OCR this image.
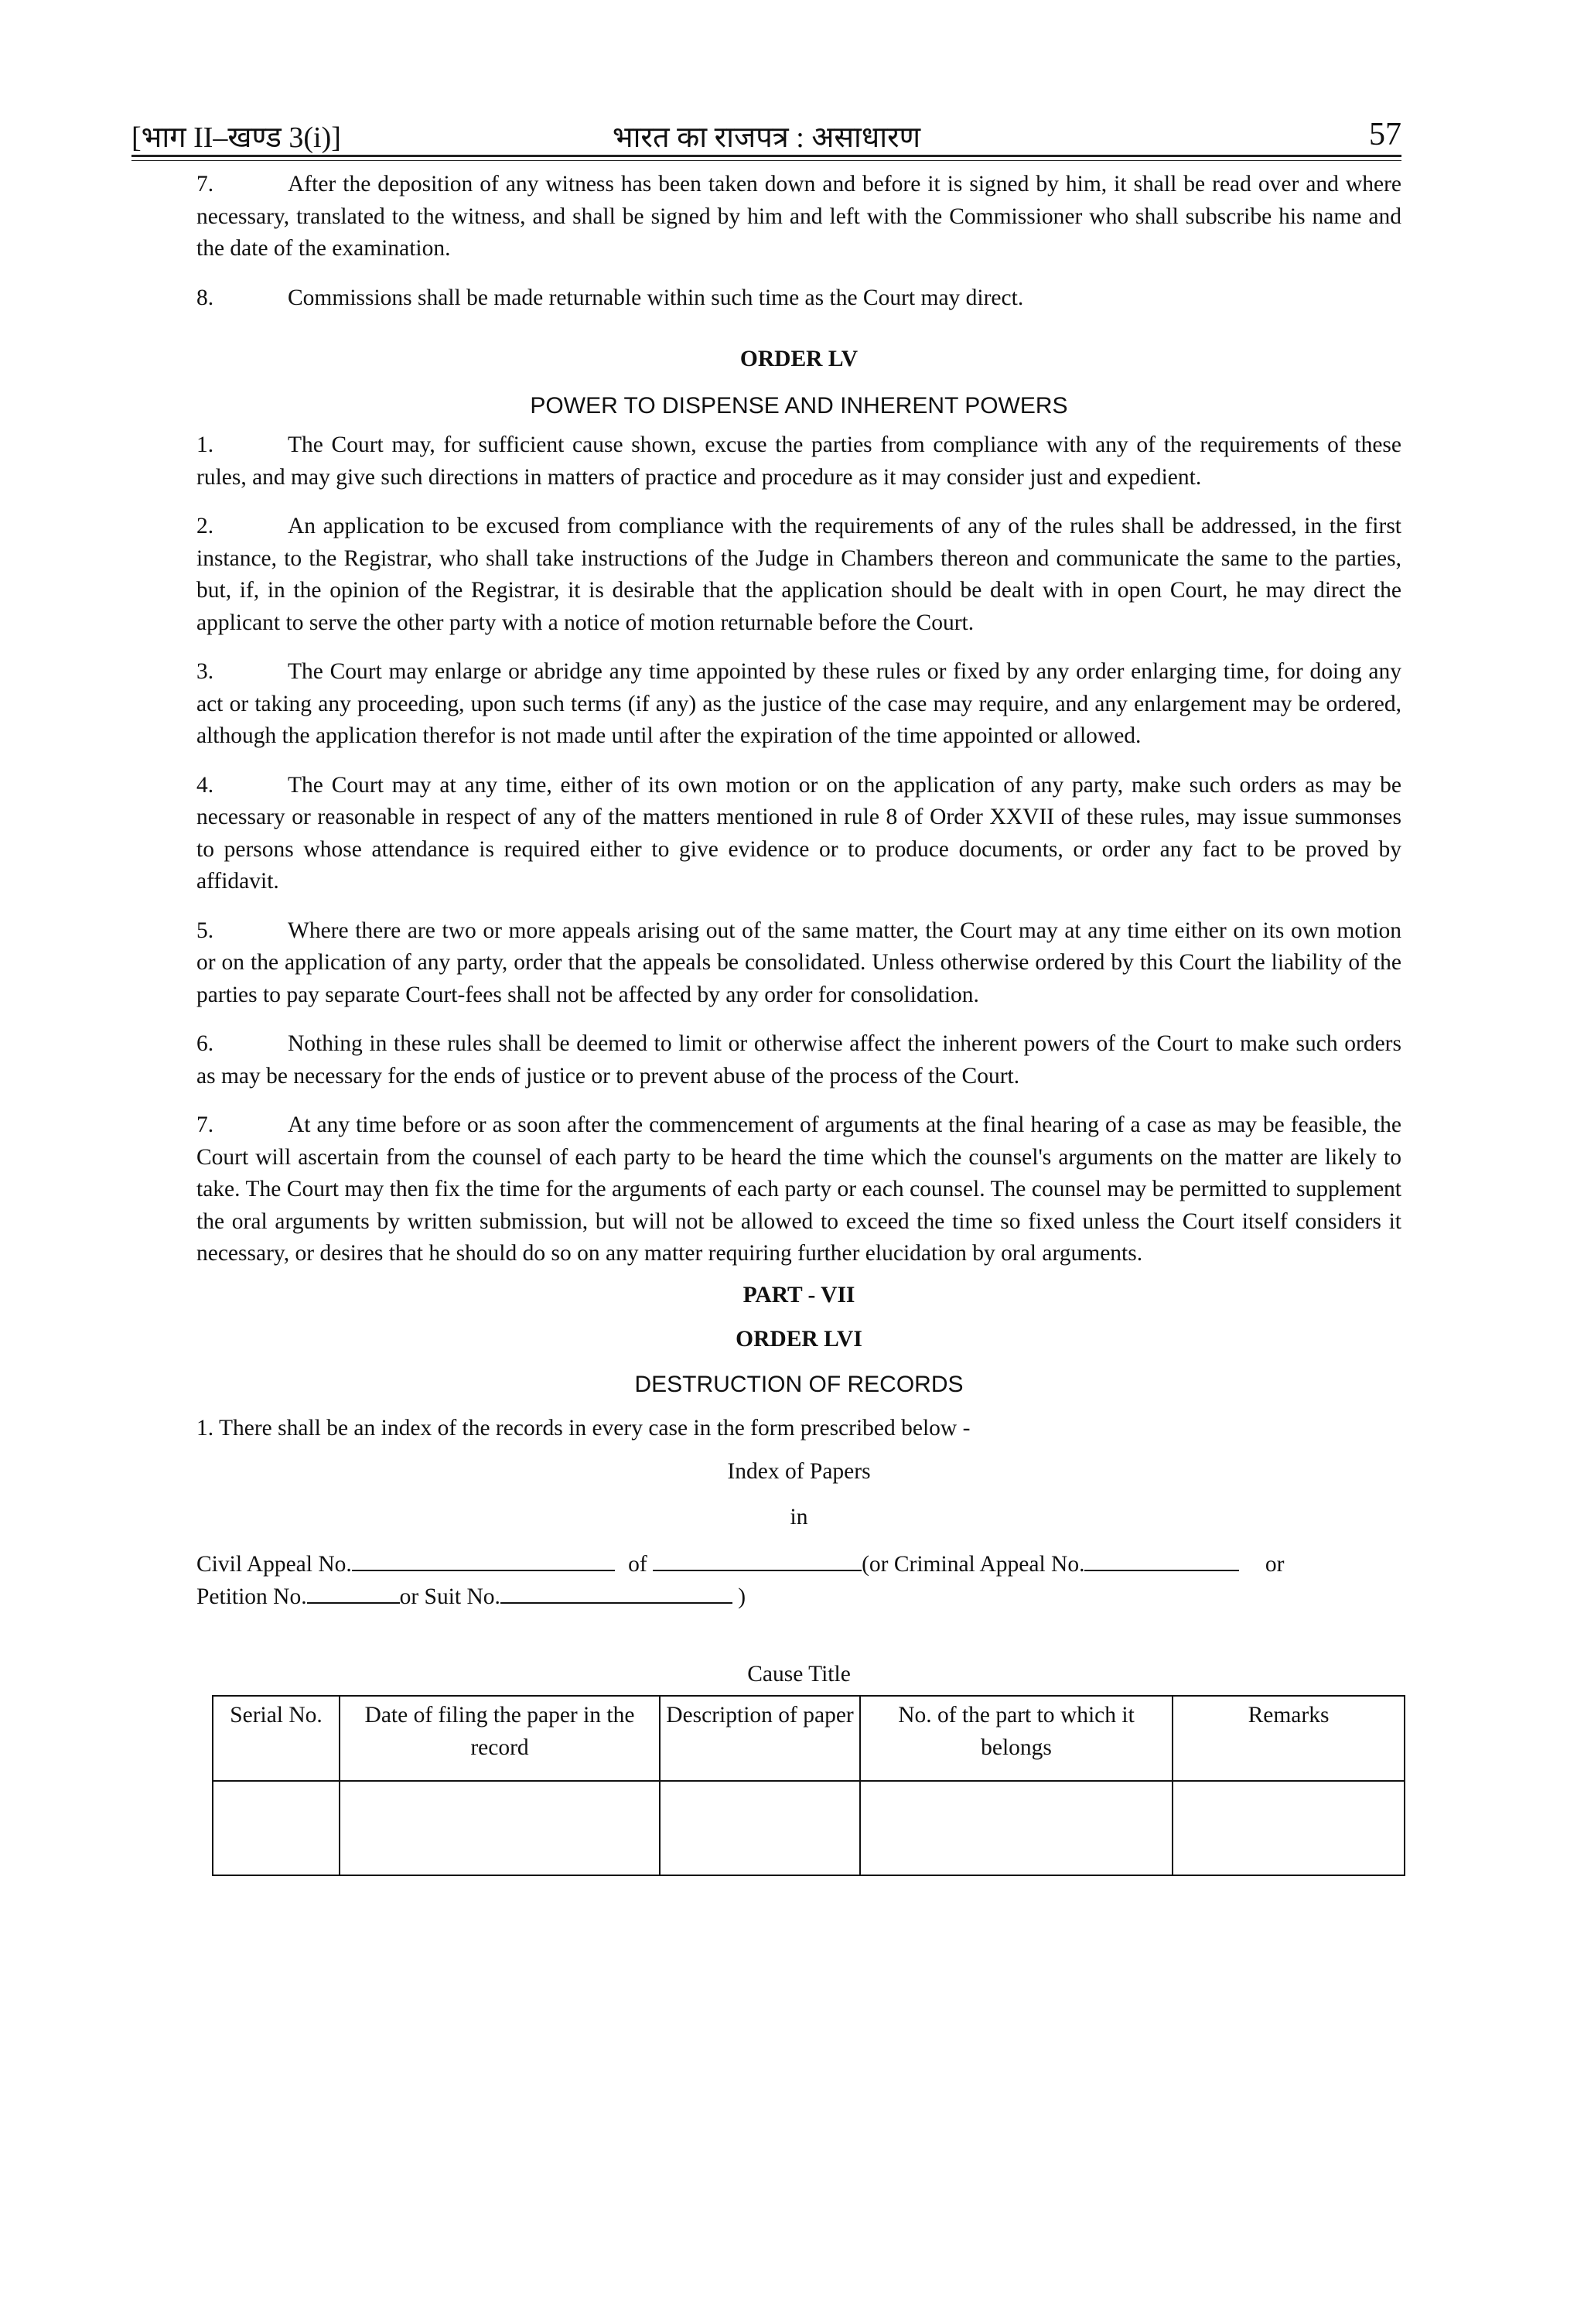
[भाग II–खण्ड 3(i)]	भारत का राजपत्र : असाधारण	57

7.	After the deposition of any witness has been taken down and before it is signed by him, it shall be read over and where necessary, translated to the witness, and shall be signed by him and left with the Commissioner who shall subscribe his name and the date of the examination.

8.	Commissions shall be made returnable within such time as the Court may direct.

ORDER LV

POWER TO DISPENSE AND INHERENT POWERS

1.	The Court may, for sufficient cause shown, excuse the parties from compliance with any of the requirements of these rules, and may give such directions in matters of practice and procedure as it may consider just and expedient.

2.	An application to be excused from compliance with the requirements of any of the rules shall be addressed, in the first instance, to the Registrar, who shall take instructions of the Judge in Chambers thereon and communicate the same to the parties, but, if, in the opinion of the Registrar, it is desirable that the application should be dealt with in open Court, he may direct the applicant to serve the other party with a notice of motion returnable before the Court.

3.	The Court may enlarge or abridge any time appointed by these rules or fixed by any order enlarging time, for doing any act or taking any proceeding, upon such terms (if any) as the justice of the case may require, and any enlargement may be ordered, although the application therefor is not made until after the expiration of the time appointed or allowed.

4.	The Court may at any time, either of its own motion or on the application of any party, make such orders as may be necessary or reasonable in respect of any of the matters mentioned in rule 8 of Order XXVII of these rules, may issue summonses to persons whose attendance is required either to give evidence or to produce documents, or order any fact to be proved by affidavit.

5.	Where there are two or more appeals arising out of the same matter, the Court may at any time either on its own motion or on the application of any party, order that the appeals be consolidated. Unless otherwise ordered by this Court the liability of the parties to pay separate Court-fees shall not be affected by any order for consolidation.

6.	Nothing in these rules shall be deemed to limit or otherwise affect the inherent powers of the Court to make such orders as may be necessary for the ends of justice or to prevent abuse of the process of the Court.

7.	At any time before or as soon after the commencement of arguments at the final hearing of a case as may be feasible, the Court will ascertain from the counsel of each party to be heard the time which the counsel's arguments on the matter are likely to take. The Court may then fix the time for the arguments of each party or each counsel. The counsel may be permitted to supplement the oral arguments by written submission, but will not be allowed to exceed the time so fixed unless the Court itself considers it necessary, or desires that he should do so on any matter requiring further elucidation by oral arguments.

PART - VII

ORDER LVI

DESTRUCTION OF RECORDS

1. There shall be an index of the records in every case in the form prescribed below -

Index of Papers

in

Civil Appeal No.	of	(or Criminal Appeal No.	or

Petition No.	or Suit No.	)

Cause Title

Serial No.	Date of filing the paper in the record	Description of paper	No. of the part to which it belongs	Remarks
